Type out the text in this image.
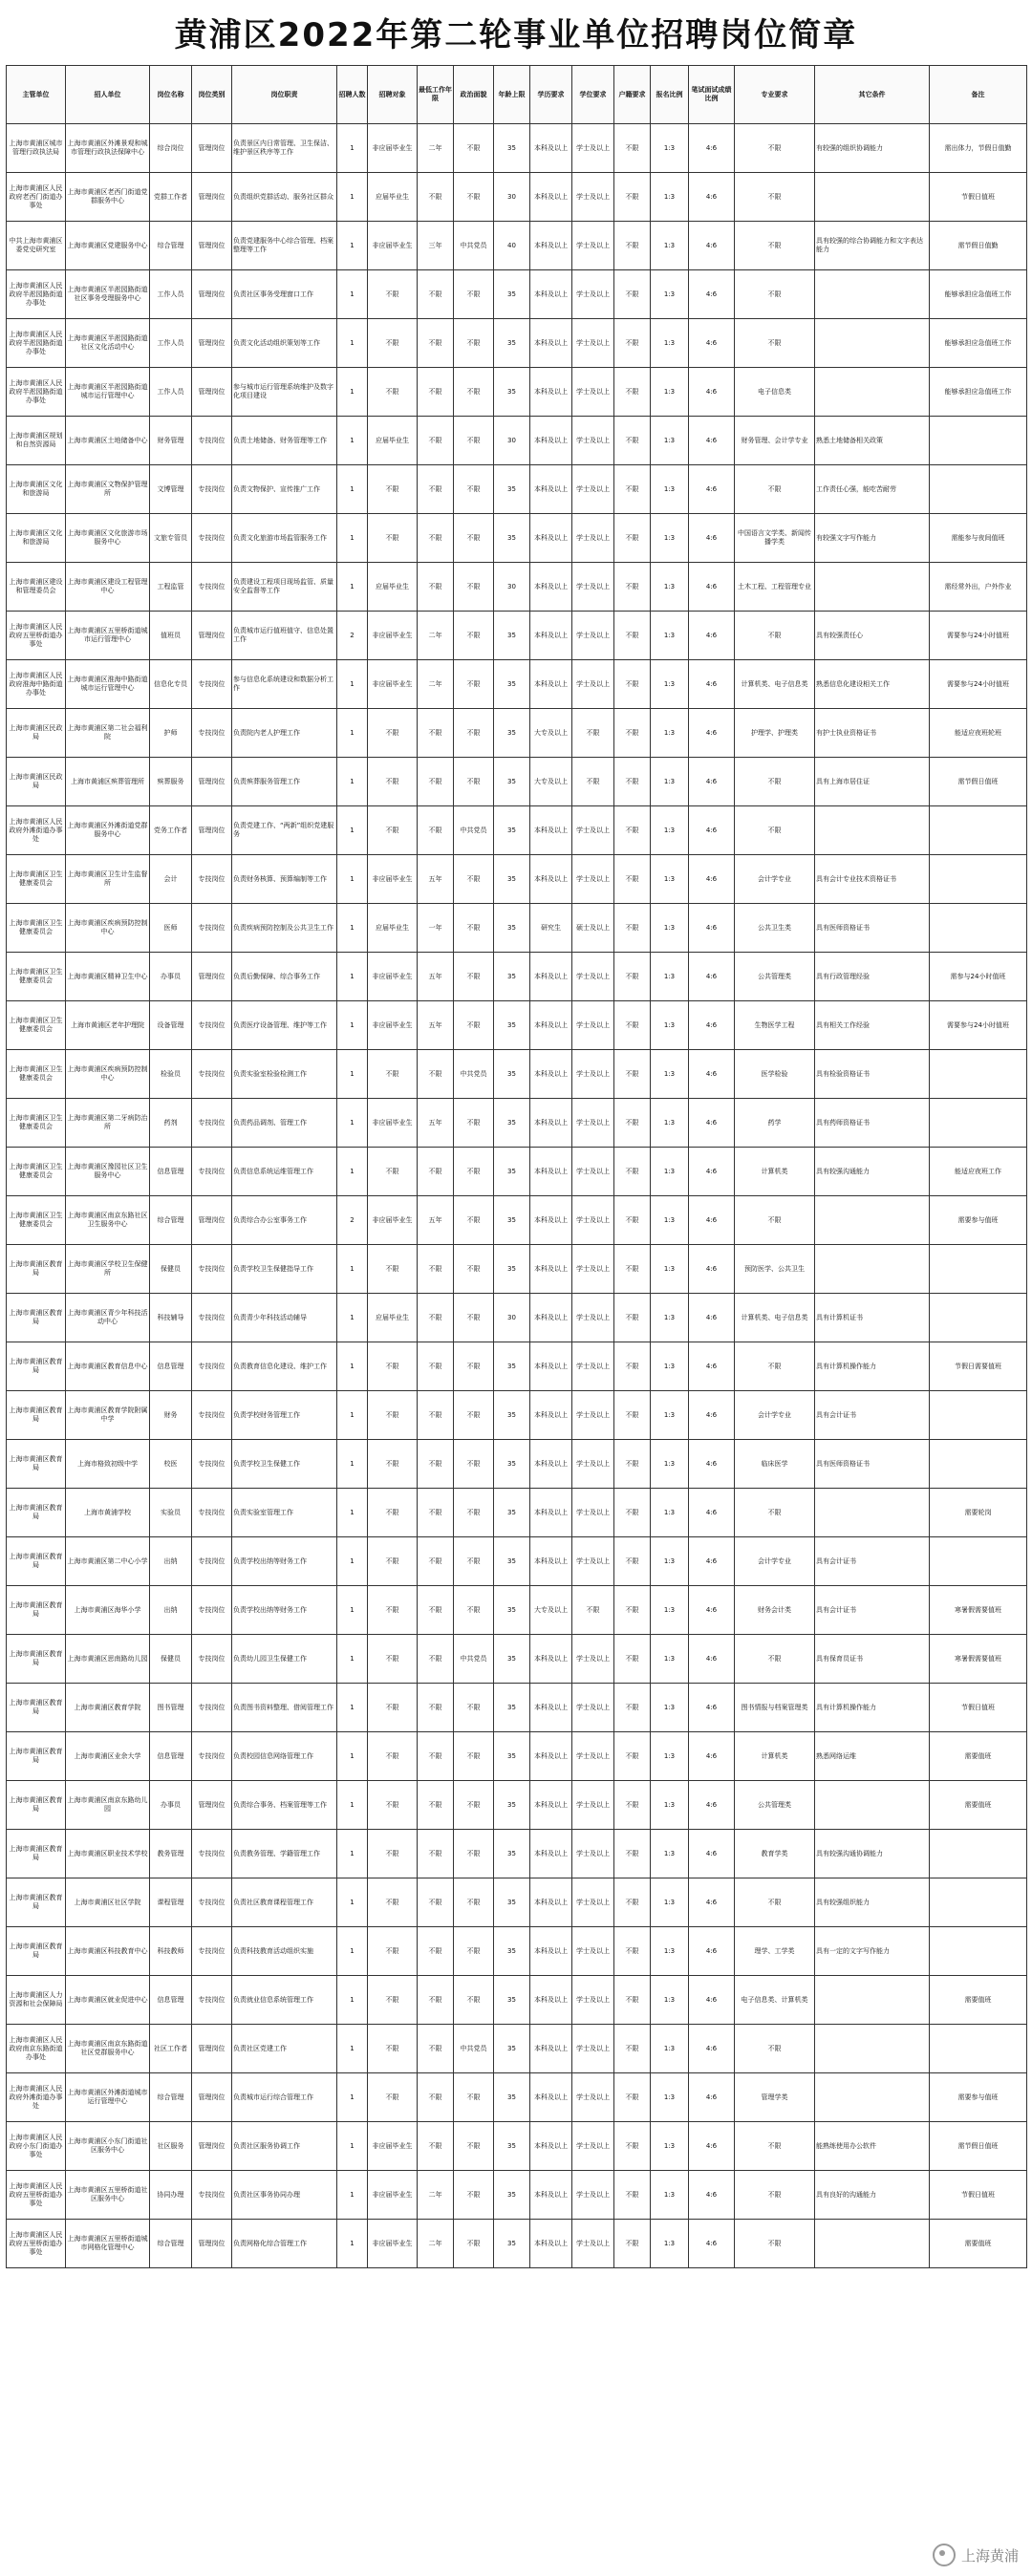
黄浦区2022年第二轮事业单位招聘岗位简章
主管单位	招人单位	岗位名称	岗位类别	岗位职责	招聘人数	招聘对象	最低工作年限	政治面貌	年龄上限	学历要求	学位要求	户籍要求	报名比例	笔试面试成绩比例	专业要求	其它条件	备注
上海市黄浦区城市管理行政执法局	上海市黄浦区外滩景观和城市管理行政执法保障中心	综合岗位	管理岗位	负责景区内日常管理、卫生保洁、维护景区秩序等工作	1	非应届毕业生	二年	不限	35	本科及以上	学士及以上	不限	1:3	4:6	不限	有较强的组织协调能力	需出体力，节假日值勤
上海市黄浦区人民政府老西门街道办事处	上海市黄浦区老西门街道党群服务中心	党群工作者	管理岗位	负责组织党群活动、服务社区群众	1	应届毕业生	不限	不限	30	本科及以上	学士及以上	不限	1:3	4:6	不限		节假日值班
中共上海市黄浦区委党史研究室	上海市黄浦区党建服务中心	综合管理	管理岗位	负责党建服务中心综合管理、档案整理等工作	1	非应届毕业生	三年	中共党员	40	本科及以上	学士及以上	不限	1:3	4:6	不限	具有较强的综合协调能力和文字表达能力	需节假日值勤
上海市黄浦区人民政府半淞园路街道办事处	上海市黄浦区半淞园路街道社区事务受理服务中心	工作人员	管理岗位	负责社区事务受理窗口工作	1	不限	不限	不限	35	本科及以上	学士及以上	不限	1:3	4:6	不限		能够承担应急值班工作
上海市黄浦区人民政府半淞园路街道办事处	上海市黄浦区半淞园路街道社区文化活动中心	工作人员	管理岗位	负责文化活动组织策划等工作	1	不限	不限	不限	35	本科及以上	学士及以上	不限	1:3	4:6	不限		能够承担应急值班工作
上海市黄浦区人民政府半淞园路街道办事处	上海市黄浦区半淞园路街道城市运行管理中心	工作人员	管理岗位	参与城市运行管理系统维护及数字化项目建设	1	不限	不限	不限	35	本科及以上	学士及以上	不限	1:3	4:6	电子信息类		能够承担应急值班工作
上海市黄浦区规划和自然资源局	上海市黄浦区土地储备中心	财务管理	专技岗位	负责土地储备、财务管理等工作	1	应届毕业生	不限	不限	30	本科及以上	学士及以上	不限	1:3	4:6	财务管理、会计学专业	熟悉土地储备相关政策	
上海市黄浦区文化和旅游局	上海市黄浦区文物保护管理所	文博管理	专技岗位	负责文物保护、宣传推广工作	1	不限	不限	不限	35	本科及以上	学士及以上	不限	1:3	4:6	不限	工作责任心强，能吃苦耐劳	
上海市黄浦区文化和旅游局	上海市黄浦区文化旅游市场服务中心	文旅专管员	专技岗位	负责文化旅游市场监管服务工作	1	不限	不限	不限	35	本科及以上	学士及以上	不限	1:3	4:6	中国语言文学类、新闻传播学类	有较强文字写作能力	需能参与夜间值班
上海市黄浦区建设和管理委员会	上海市黄浦区建设工程管理中心	工程监管	专技岗位	负责建设工程项目现场监管、质量安全监督等工作	1	应届毕业生	不限	不限	30	本科及以上	学士及以上	不限	1:3	4:6	土木工程、工程管理专业		需经常外出，户外作业
上海市黄浦区人民政府五里桥街道办事处	上海市黄浦区五里桥街道城市运行管理中心	值班员	管理岗位	负责城市运行值班值守、信息处置工作	2	非应届毕业生	二年	不限	35	本科及以上	学士及以上	不限	1:3	4:6	不限	具有较强责任心	需要参与24小时值班
上海市黄浦区人民政府淮海中路街道办事处	上海市黄浦区淮海中路街道城市运行管理中心	信息化专员	专技岗位	参与信息化系统建设和数据分析工作	1	非应届毕业生	二年	不限	35	本科及以上	学士及以上	不限	1:3	4:6	计算机类、电子信息类	熟悉信息化建设相关工作	需要参与24小时值班
上海市黄浦区民政局	上海市黄浦区第二社会福利院	护师	专技岗位	负责院内老人护理工作	1	不限	不限	不限	35	大专及以上	不限	不限	1:3	4:6	护理学、护理类	有护士执业资格证书	能适应夜班轮班
上海市黄浦区民政局	上海市黄浦区殡葬管理所	殡葬服务	管理岗位	负责殡葬服务管理工作	1	不限	不限	不限	35	大专及以上	不限	不限	1:3	4:6	不限	具有上海市居住证	需节假日值班
上海市黄浦区人民政府外滩街道办事处	上海市黄浦区外滩街道党群服务中心	党务工作者	管理岗位	负责党建工作、“两新”组织党建服务	1	不限	不限	中共党员	35	本科及以上	学士及以上	不限	1:3	4:6	不限		
上海市黄浦区卫生健康委员会	上海市黄浦区卫生计生监督所	会计	专技岗位	负责财务核算、预算编制等工作	1	非应届毕业生	五年	不限	35	本科及以上	学士及以上	不限	1:3	4:6	会计学专业	具有会计专业技术资格证书	
上海市黄浦区卫生健康委员会	上海市黄浦区疾病预防控制中心	医师	专技岗位	负责疾病预防控制及公共卫生工作	1	应届毕业生	一年	不限	35	研究生	硕士及以上	不限	1:3	4:6	公共卫生类	具有医师资格证书	
上海市黄浦区卫生健康委员会	上海市黄浦区精神卫生中心	办事员	管理岗位	负责后勤保障、综合事务工作	1	非应届毕业生	五年	不限	35	本科及以上	学士及以上	不限	1:3	4:6	公共管理类	具有行政管理经验	需参与24小时值班
上海市黄浦区卫生健康委员会	上海市黄浦区老年护理院	设备管理	专技岗位	负责医疗设备管理、维护等工作	1	非应届毕业生	五年	不限	35	本科及以上	学士及以上	不限	1:3	4:6	生物医学工程	具有相关工作经验	需要参与24小时值班
上海市黄浦区卫生健康委员会	上海市黄浦区疾病预防控制中心	检验员	专技岗位	负责实验室检验检测工作	1	不限	不限	中共党员	35	本科及以上	学士及以上	不限	1:3	4:6	医学检验	具有检验资格证书	
上海市黄浦区卫生健康委员会	上海市黄浦区第二牙病防治所	药剂	专技岗位	负责药品调剂、管理工作	1	非应届毕业生	五年	不限	35	本科及以上	学士及以上	不限	1:3	4:6	药学	具有药师资格证书	
上海市黄浦区卫生健康委员会	上海市黄浦区豫园社区卫生服务中心	信息管理	专技岗位	负责信息系统运维管理工作	1	不限	不限	不限	35	本科及以上	学士及以上	不限	1:3	4:6	计算机类	具有较强沟通能力	能适应夜班工作
上海市黄浦区卫生健康委员会	上海市黄浦区南京东路社区卫生服务中心	综合管理	管理岗位	负责综合办公室事务工作	2	非应届毕业生	五年	不限	35	本科及以上	学士及以上	不限	1:3	4:6	不限		需要参与值班
上海市黄浦区教育局	上海市黄浦区学校卫生保健所	保健员	专技岗位	负责学校卫生保健指导工作	1	不限	不限	不限	35	本科及以上	学士及以上	不限	1:3	4:6	预防医学、公共卫生		
上海市黄浦区教育局	上海市黄浦区青少年科技活动中心	科技辅导	专技岗位	负责青少年科技活动辅导	1	应届毕业生	不限	不限	30	本科及以上	学士及以上	不限	1:3	4:6	计算机类、电子信息类	具有计算机证书	
上海市黄浦区教育局	上海市黄浦区教育信息中心	信息管理	专技岗位	负责教育信息化建设、维护工作	1	不限	不限	不限	35	本科及以上	学士及以上	不限	1:3	4:6	不限	具有计算机操作能力	节假日需要值班
上海市黄浦区教育局	上海市黄浦区教育学院附属中学	财务	专技岗位	负责学校财务管理工作	1	不限	不限	不限	35	本科及以上	学士及以上	不限	1:3	4:6	会计学专业	具有会计证书	
上海市黄浦区教育局	上海市格致初级中学	校医	专技岗位	负责学校卫生保健工作	1	不限	不限	不限	35	本科及以上	学士及以上	不限	1:3	4:6	临床医学	具有医师资格证书	
上海市黄浦区教育局	上海市黄浦学校	实验员	专技岗位	负责实验室管理工作	1	不限	不限	不限	35	本科及以上	学士及以上	不限	1:3	4:6	不限		需要轮岗
上海市黄浦区教育局	上海市黄浦区第二中心小学	出纳	专技岗位	负责学校出纳等财务工作	1	不限	不限	不限	35	本科及以上	学士及以上	不限	1:3	4:6	会计学专业	具有会计证书	
上海市黄浦区教育局	上海市黄浦区海华小学	出纳	专技岗位	负责学校出纳等财务工作	1	不限	不限	不限	35	大专及以上	不限	不限	1:3	4:6	财务会计类	具有会计证书	寒暑假需要值班
上海市黄浦区教育局	上海市黄浦区思南路幼儿园	保健员	专技岗位	负责幼儿园卫生保健工作	1	不限	不限	中共党员	35	本科及以上	学士及以上	不限	1:3	4:6	不限	具有保育员证书	寒暑假需要值班
上海市黄浦区教育局	上海市黄浦区教育学院	图书管理	专技岗位	负责图书资料整理、借阅管理工作	1	不限	不限	不限	35	本科及以上	学士及以上	不限	1:3	4:6	图书情报与档案管理类	具有计算机操作能力	节假日值班
上海市黄浦区教育局	上海市黄浦区业余大学	信息管理	专技岗位	负责校园信息网络管理工作	1	不限	不限	不限	35	本科及以上	学士及以上	不限	1:3	4:6	计算机类	熟悉网络运维	需要值班
上海市黄浦区教育局	上海市黄浦区南京东路幼儿园	办事员	管理岗位	负责综合事务、档案管理等工作	1	不限	不限	不限	35	本科及以上	学士及以上	不限	1:3	4:6	公共管理类		需要值班
上海市黄浦区教育局	上海市黄浦区职业技术学校	教务管理	专技岗位	负责教务管理、学籍管理工作	1	不限	不限	不限	35	本科及以上	学士及以上	不限	1:3	4:6	教育学类	具有较强沟通协调能力	
上海市黄浦区教育局	上海市黄浦区社区学院	课程管理	专技岗位	负责社区教育课程管理工作	1	不限	不限	不限	35	本科及以上	学士及以上	不限	1:3	4:6	不限	具有较强组织能力	
上海市黄浦区教育局	上海市黄浦区科技教育中心	科技教师	专技岗位	负责科技教育活动组织实施	1	不限	不限	不限	35	本科及以上	学士及以上	不限	1:3	4:6	理学、工学类	具有一定的文字写作能力	
上海市黄浦区人力资源和社会保障局	上海市黄浦区就业促进中心	信息管理	专技岗位	负责就业信息系统管理工作	1	不限	不限	不限	35	本科及以上	学士及以上	不限	1:3	4:6	电子信息类、计算机类		需要值班
上海市黄浦区人民政府南京东路街道办事处	上海市黄浦区南京东路街道社区党群服务中心	社区工作者	管理岗位	负责社区党建工作	1	不限	不限	中共党员	35	本科及以上	学士及以上	不限	1:3	4:6	不限		
上海市黄浦区人民政府外滩街道办事处	上海市黄浦区外滩街道城市运行管理中心	综合管理	管理岗位	负责城市运行综合管理工作	1	不限	不限	不限	35	本科及以上	学士及以上	不限	1:3	4:6	管理学类		需要参与值班
上海市黄浦区人民政府小东门街道办事处	上海市黄浦区小东门街道社区服务中心	社区服务	管理岗位	负责社区服务协调工作	1	非应届毕业生	不限	不限	35	本科及以上	学士及以上	不限	1:3	4:6	不限	能熟练使用办公软件	需节假日值班
上海市黄浦区人民政府五里桥街道办事处	上海市黄浦区五里桥街道社区服务中心	协同办理	专技岗位	负责社区事务协同办理	1	非应届毕业生	二年	不限	35	本科及以上	学士及以上	不限	1:3	4:6	不限	具有良好的沟通能力	节假日值班
上海市黄浦区人民政府五里桥街道办事处	上海市黄浦区五里桥街道城市网格化管理中心	综合管理	管理岗位	负责网格化综合管理工作	1	非应届毕业生	二年	不限	35	本科及以上	学士及以上	不限	1:3	4:6	不限		需要值班
上海黄浦
